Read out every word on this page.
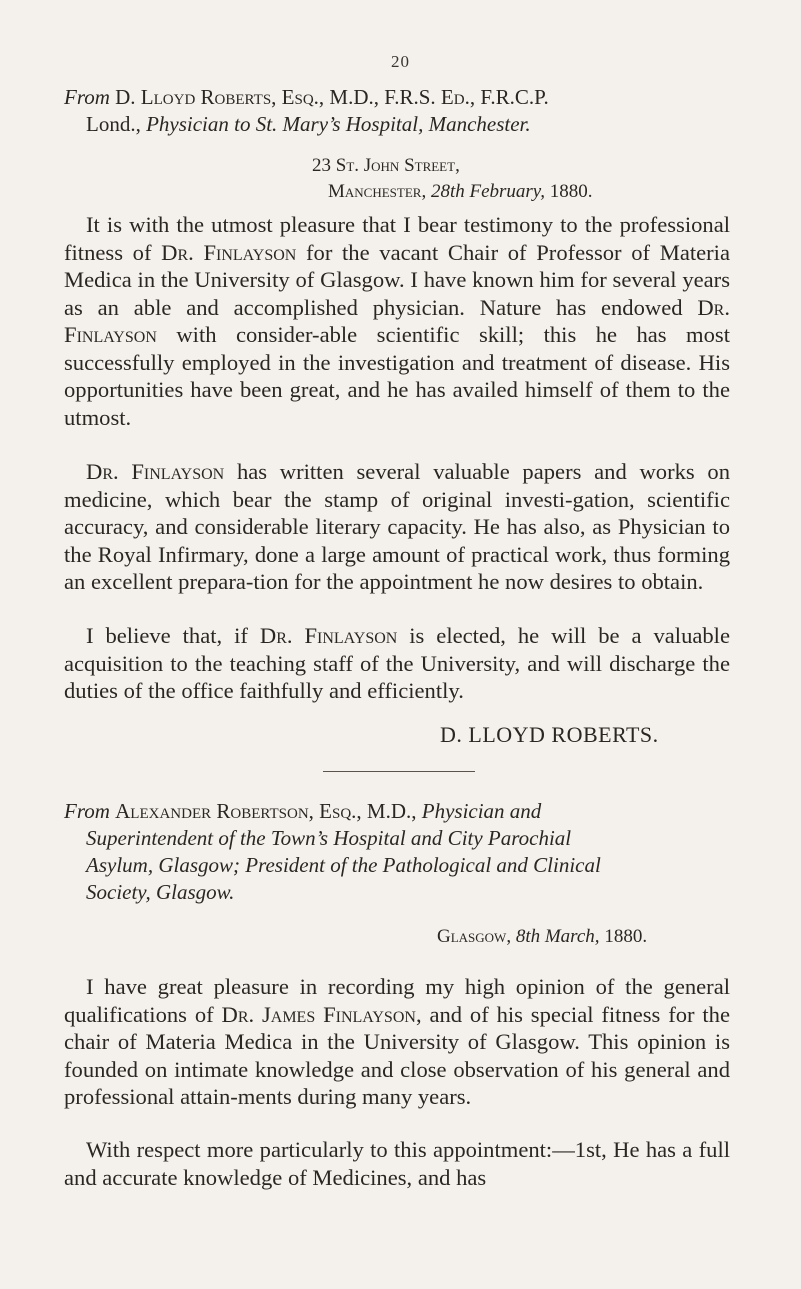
20
From D. Lloyd Roberts, Esq., M.D., F.R.S. Ed., F.R.C.P.
Lond., Physician to St. Mary’s Hospital, Manchester.
23 St. John Street,
Manchester, 28th February, 1880.

It is with the utmost pleasure that I bear testimony to the professional fitness of Dr. Finlayson for the vacant Chair of Professor of Materia Medica in the University of Glasgow. I have known him for several years as an able and accomplished physician. Nature has endowed Dr. Finlayson with consider-able scientific skill; this he has most successfully employed in the investigation and treatment of disease. His opportunities have been great, and he has availed himself of them to the utmost.

Dr. Finlayson has written several valuable papers and works on medicine, which bear the stamp of original investi-gation, scientific accuracy, and considerable literary capacity. He has also, as Physician to the Royal Infirmary, done a large amount of practical work, thus forming an excellent prepara-tion for the appointment he now desires to obtain.

I believe that, if Dr. Finlayson is elected, he will be a valuable acquisition to the teaching staff of the University, and will discharge the duties of the office faithfully and efficiently.

D. LLOYD ROBERTS.
From Alexander Robertson, Esq., M.D., Physician and
Superintendent of the Town’s Hospital and City Parochial
Asylum, Glasgow; President of the Pathological and Clinical
Society, Glasgow.
Glasgow, 8th March, 1880.

I have great pleasure in recording my high opinion of the general qualifications of Dr. James Finlayson, and of his special fitness for the chair of Materia Medica in the University of Glasgow. This opinion is founded on intimate knowledge and close observation of his general and professional attain-ments during many years.

With respect more particularly to this appointment:—1st, He has a full and accurate knowledge of Medicines, and has
